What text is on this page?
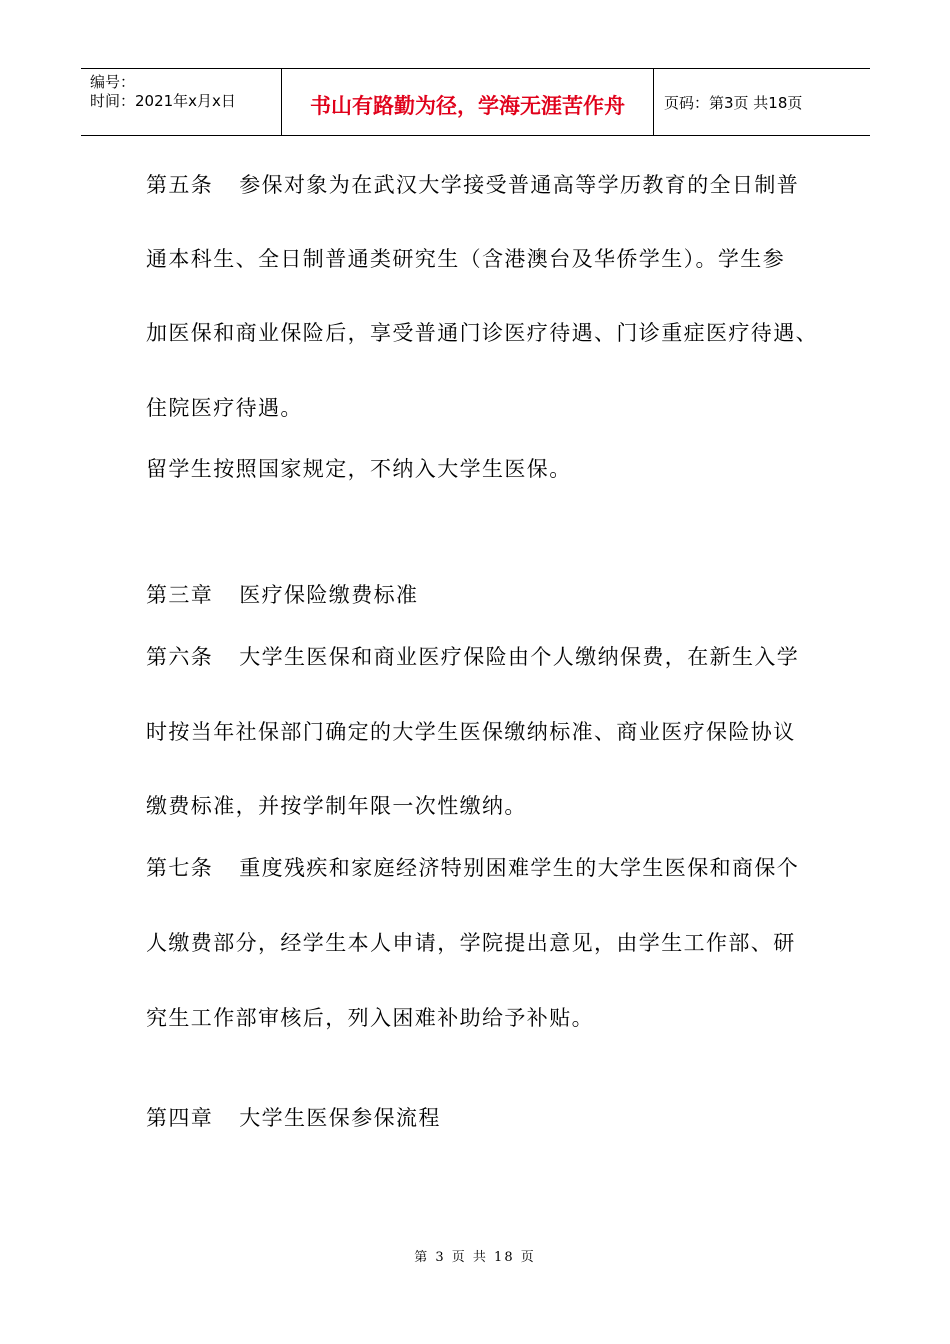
编号：
时间：2021年x月x日	书山有路勤为径，学海无涯苦作舟	页码：第3页 共18页
第五条 参保对象为在武汉大学接受普通高等学历教育的全日制普
通本科生、全日制普通类研究生（含港澳台及华侨学生）。学生参
加医保和商业保险后，享受普通门诊医疗待遇、门诊重症医疗待遇、
住院医疗待遇。
留学生按照国家规定，不纳入大学生医保。
第三章 医疗保险缴费标准
第六条 大学生医保和商业医疗保险由个人缴纳保费，在新生入学
时按当年社保部门确定的大学生医保缴纳标准、商业医疗保险协议
缴费标准，并按学制年限一次性缴纳。
第七条 重度残疾和家庭经济特别困难学生的大学生医保和商保个
人缴费部分，经学生本人申请，学院提出意见，由学生工作部、研
究生工作部审核后，列入困难补助给予补贴。
第四章 大学生医保参保流程
第 3 页 共 18 页
